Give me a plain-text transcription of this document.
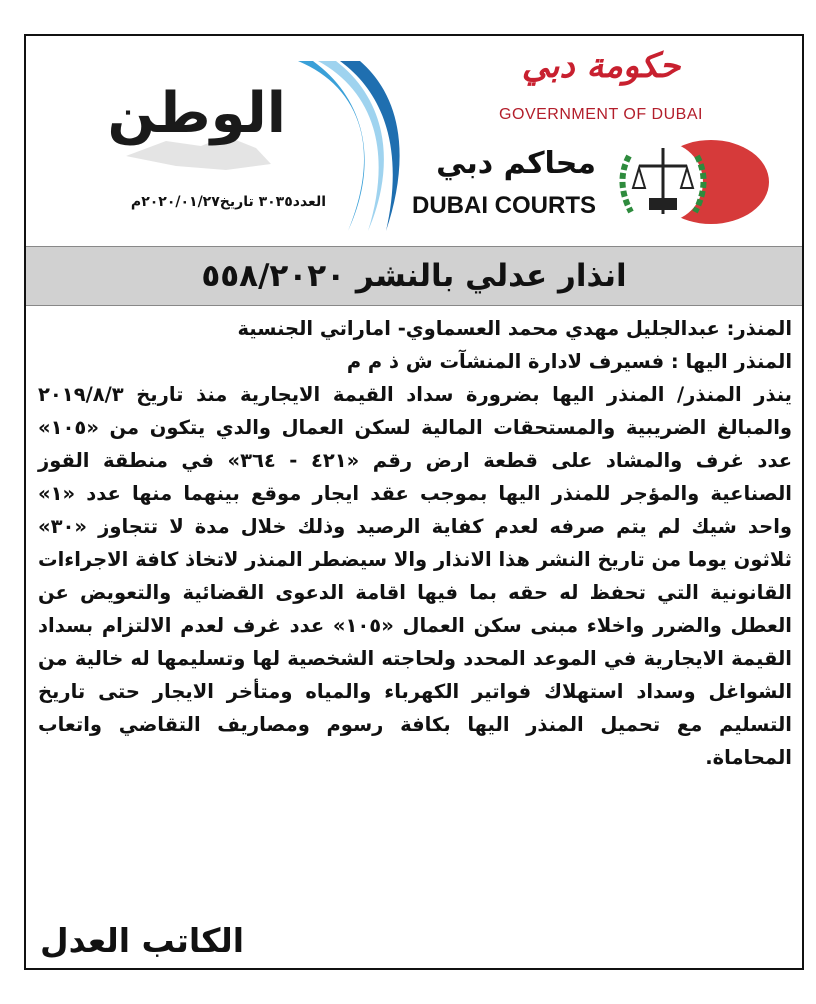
الوطن
العدد٣٠٣٥ تاريخ٢٠٢٠/٠١/٢٧م
حكومة دبي
GOVERNMENT OF DUBAI
محاكم دبي
DUBAI COURTS
انذار عدلي بالنشر ٥٥٨/٢٠٢٠

المنذر: عبدالجليل مهدي محمد العسماوي- اماراتي الجنسية

المنذر اليها : فسيرف لادارة المنشآت ش ذ م م

ينذر المنذر/ المنذر اليها بضرورة سداد القيمة الايجارية منذ تاريخ ٢٠١٩/٨/٣ والمبالغ الضريبية والمستحقات المالية لسكن العمال والدي يتكون من «١٠٥» عدد غرف والمشاد على قطعة ارض رقم «٤٢١ - ٣٦٤» في منطقة القوز الصناعية والمؤجر للمنذر اليها بموجب عقد ايجار موقع بينهما منها عدد «١» واحد شيك لم يتم صرفه لعدم كفاية الرصيد وذلك خلال مدة لا تتجاوز «٣٠» ثلاثون يوما من تاريخ النشر هذا الانذار والا سيضطر المنذر لاتخاذ كافة الاجراءات القانونية التي تحفظ له حقه بما فيها اقامة الدعوى القضائية والتعويض عن العطل والضرر واخلاء مبنى سكن العمال «١٠٥» عدد غرف لعدم الالتزام بسداد القيمة الايجارية في الموعد المحدد ولحاجته الشخصية لها وتسليمها له خالية من الشواغل وسداد استهلاك فواتير الكهرباء والمياه ومتأخر الايجار حتى تاريخ التسليم مع تحميل المنذر اليها بكافة رسوم ومصاريف التقاضي واتعاب المحاماة.

الكاتب العدل
